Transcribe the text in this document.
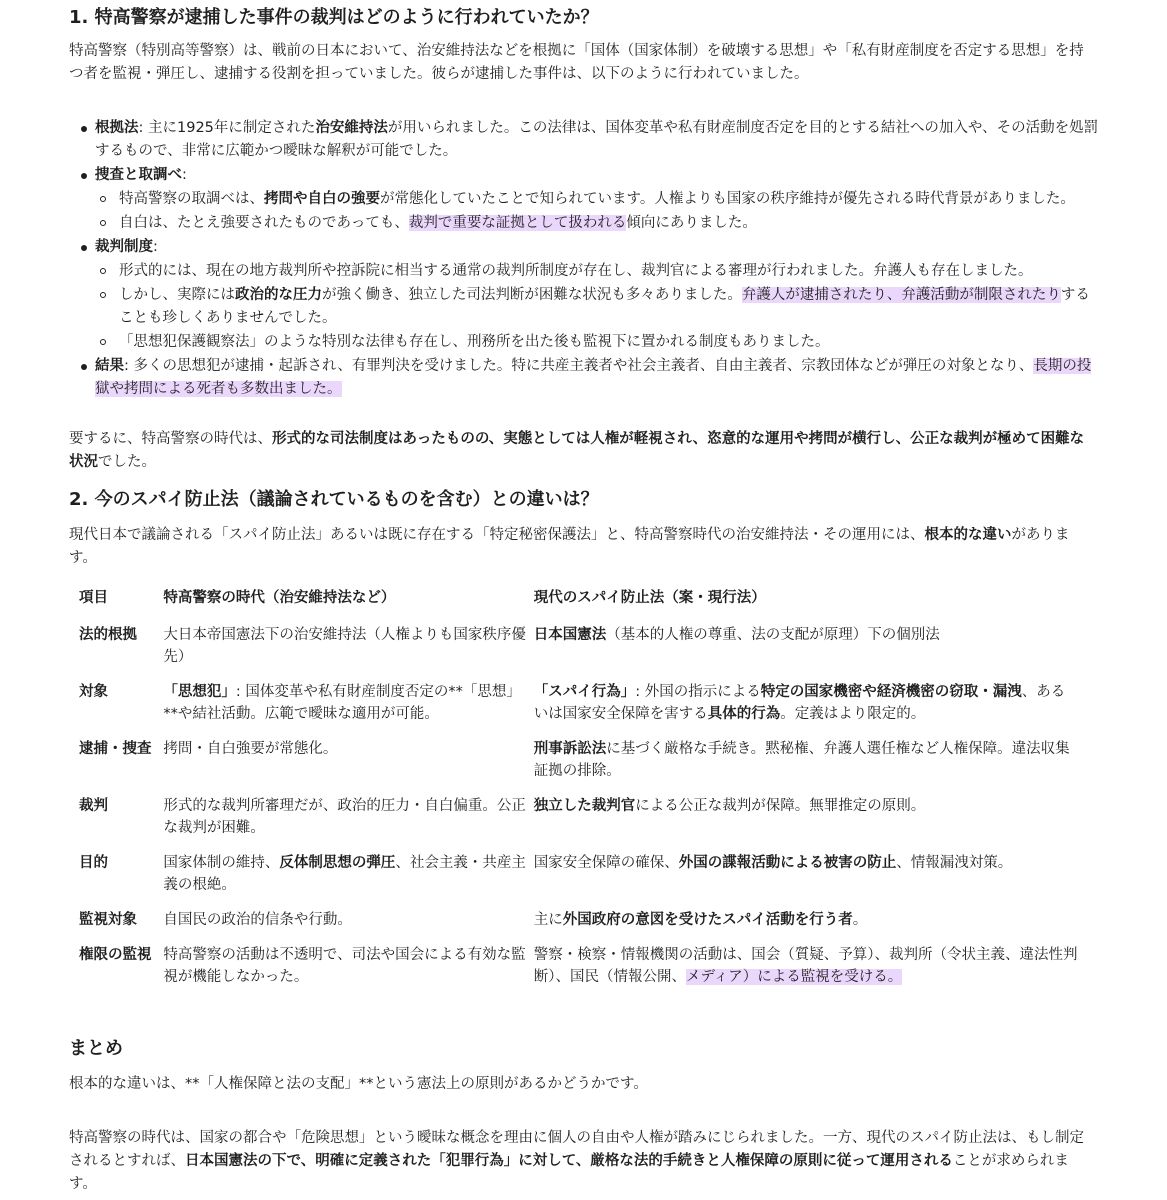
1. 特高警察が逮捕した事件の裁判はどのように行われていたか？

特高警察（特別高等警察）は、戦前の日本において、治安維持法などを根拠に「国体（国家体制）を破壊する思想」や「私有財産制度を否定する思想」を持つ者を監視・弾圧し、逮捕する役割を担っていました。彼らが逮捕した事件は、以下のように行われていました。

根拠法: 主に1925年に制定された治安維持法が用いられました。この法律は、国体変革や私有財産制度否定を目的とする結社への加入や、その活動を処罰するもので、非常に広範かつ曖昧な解釈が可能でした。
捜査と取調べ:
特高警察の取調べは、拷問や自白の強要が常態化していたことで知られています。人権よりも国家の秩序維持が優先される時代背景がありました。
自白は、たとえ強要されたものであっても、裁判で重要な証拠として扱われる傾向にありました。
裁判制度:
形式的には、現在の地方裁判所や控訴院に相当する通常の裁判所制度が存在し、裁判官による審理が行われました。弁護人も存在しました。
しかし、実際には政治的な圧力が強く働き、独立した司法判断が困難な状況も多々ありました。弁護人が逮捕されたり、弁護活動が制限されたりすることも珍しくありませんでした。
「思想犯保護観察法」のような特別な法律も存在し、刑務所を出た後も監視下に置かれる制度もありました。
結果: 多くの思想犯が逮捕・起訴され、有罪判決を受けました。特に共産主義者や社会主義者、自由主義者、宗教団体などが弾圧の対象となり、長期の投獄や拷問による死者も多数出ました。

要するに、特高警察の時代は、形式的な司法制度はあったものの、実態としては人権が軽視され、恣意的な運用や拷問が横行し、公正な裁判が極めて困難な状況でした。

2. 今のスパイ防止法（議論されているものを含む）との違いは？

現代日本で議論される「スパイ防止法」あるいは既に存在する「特定秘密保護法」と、特高警察時代の治安維持法・その運用には、根本的な違いがあります。

項目	特高警察の時代（治安維持法など）	現代のスパイ防止法（案・現行法）
法的根拠	大日本帝国憲法下の治安維持法（人権よりも国家秩序優先）	日本国憲法（基本的人権の尊重、法の支配が原理）下の個別法
対象	「思想犯」: 国体変革や私有財産制度否定の**「思想」**や結社活動。広範で曖昧な適用が可能。	「スパイ行為」: 外国の指示による特定の国家機密や経済機密の窃取・漏洩、あるいは国家安全保障を害する具体的行為。定義はより限定的。
逮捕・捜査	拷問・自白強要が常態化。	刑事訴訟法に基づく厳格な手続き。黙秘権、弁護人選任権など人権保障。違法収集証拠の排除。
裁判	形式的な裁判所審理だが、政治的圧力・自白偏重。公正な裁判が困難。	独立した裁判官による公正な裁判が保障。無罪推定の原則。
目的	国家体制の維持、反体制思想の弾圧、社会主義・共産主義の根絶。	国家安全保障の確保、外国の諜報活動による被害の防止、情報漏洩対策。
監視対象	自国民の政治的信条や行動。	主に外国政府の意図を受けたスパイ活動を行う者。
権限の監視	特高警察の活動は不透明で、司法や国会による有効な監視が機能しなかった。	警察・検察・情報機関の活動は、国会（質疑、予算）、裁判所（令状主義、違法性判断）、国民（情報公開、メディア）による監視を受ける。
まとめ

根本的な違いは、**「人権保障と法の支配」**という憲法上の原則があるかどうかです。

特高警察の時代は、国家の都合や「危険思想」という曖昧な概念を理由に個人の自由や人権が踏みにじられました。一方、現代のスパイ防止法は、もし制定されるとすれば、日本国憲法の下で、明確に定義された「犯罪行為」に対して、厳格な法的手続きと人権保障の原則に従って運用されることが求められます。
